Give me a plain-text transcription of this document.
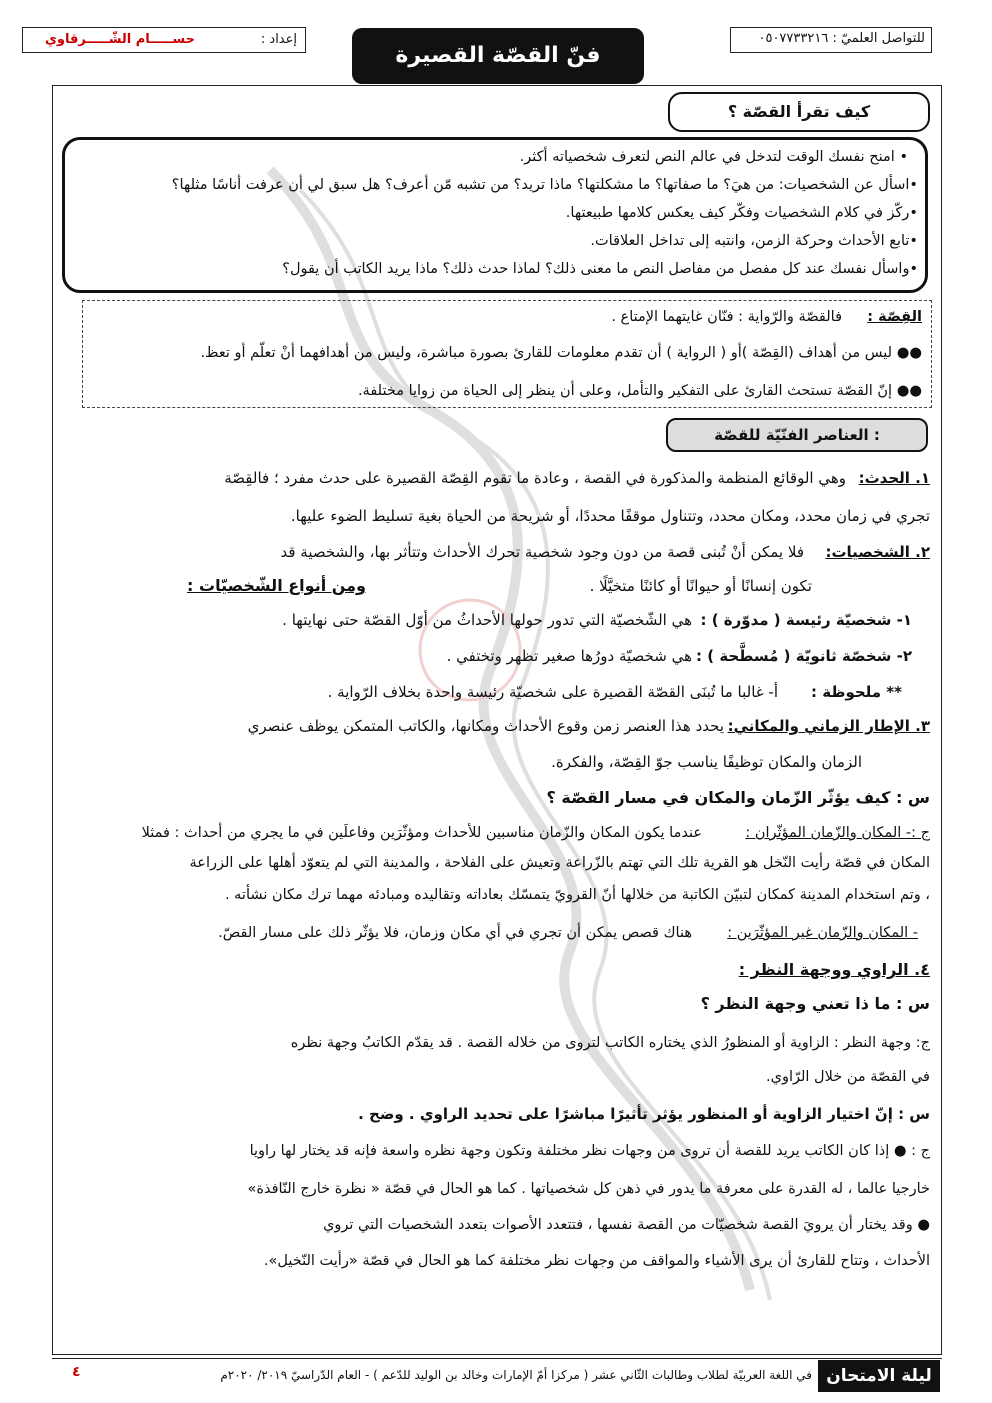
إعداد :
حســـــام الشّـــــرقاوي	للتواصل العلميّ : ٠٥٠٧٧٣٣٢١٦
فنّ القصّة القصيرة
كيف تقرأ القصّة ؟
• امنح نفسك الوقت لتدخل في عالم النص لتعرف شخصياته أكثر.
•اسأل عن الشخصيات: من هيَ؟ ما صفاتها؟ ما مشكلتها؟ ماذا تريد؟ من تشبه مّن أعرف؟ هل سبق لي أن عرفت أناسًا مثلها؟
•ركّز في كلام الشخصيات وفكّر كيف يعكس كلامها طبيعتها.
•تابع الأحداث وحركة الزمن، وانتبه إلى تداخل العلاقات.
•واسأل نفسك عند كل مفصل من مفاصل النص ما معنى ذلك؟ لماذا حدث ذلك؟ ماذا يريد الكاتب أن يقول؟
القِصّة :
فالقصّة والرّواية : فنّان غايتهما الإمتاع .
●● ليس من أهداف (القِصّة )أو ( الرواية ) أن تقدم معلومات للقارئ بصورة مباشرة، وليس من أهدافهما أنْ تعلّم أو تعظ.
●● إنّ القصّة تستحث القارئ على التفكير والتأمل، وعلى أن ينظر إلى الحياة من زوايا مختلفة.
العناصر الفنّيّة للقصّة :
١. الحدث:
وهي الوقائع المنظمة والمذكورة في القصة ، وعادة ما تقوم القِصّة القصيرة على حدث مفرد ؛ فالقِصّة
تجري في زمان محدد، ومكان محدد، وتتناول موقفًا محددًا، أو شريحة من الحياة بغية تسليط الضوء عليها.
٢. الشخصيات:
فلا يمكن أنْ تُبنى قصة من دون وجود شخصية تحرك الأحداث وتتأثر بها، والشخصية قد
تكون إنسانًا أو حيوانًا أو كائنًا متخيَّلًا .
ومن أنواع الشّخصيّات :
١- شخصيّة رئيسة ( مدوّرة ) :
هي الشّخصيّة التي تدور حولها الأحداثُ من أوّل القصّة حتى نهايتها .
٢- شخصّة ثانويّة ( مُسطَّحة ) :
هي شخصيّة دورُها صغير تظهر وتختفي .
** ملحوظة :
أ- غالبا ما تُبنَى القصّة القصيرة على شخصيّة رئيسة واحدة بخلاف الرّواية .
٣. الإطار الزماني والمكاني:
يحدد هذا العنصر زمن وقوع الأحداث ومكانها، والكاتب المتمكن يوظف عنصري
الزمان والمكان توظيفًا يناسب جوّ القِصّة، والفكرة.
س : كيف يؤثّر الزّمان والمكان في مسار القصّة ؟
ج :- المكان والزّمان المؤثّران :
عندما يكون المكان والزّمان مناسبين للأحداث ومؤثّرَين وفاعلَين في ما يجري من أحداث : فمثلا
المكان في قصّة رأيت النّخل هو القرية تلك التي تهتم بالزّراعة وتعيش على الفلاحة ، والمدينة التي لم يتعوّد أهلها على الزراعة
، وتم استخدام المدينة كمكان لتبيّن الكاتبة من خلالها أنّ القرويّ يتمسّك بعاداته وتقاليده ومبادئه مهما ترك مكان نشأته .
- المكان والزّمان غير المؤثّرَين :
هناك قصص يمكن أن تجري في أي مكان وزمان، فلا يؤثّر ذلك على مسار القصّ.
٤. الراوي ووجهة النظر :
س : ما ذا تعني وجهة النظر ؟
ج: وجهة النظر : الزاوية أو المنظورُ الذي يختاره الكاتب لتروى من خلاله القصة . قد يقدّم الكاتبُ وجهة نظره
في القصّة من خلال الرّاوي.
س : إنّ اختيار الزاوية أو المنظور يؤثر تأثيرًا مباشرًا على تحديد الراوي . وضح .
ج : ● إذا كان الكاتب يريد للقصة أن تروى من وجهات نظر مختلفة وتكون وجهة نظره واسعة فإنه قد يختار لها راويا
خارجيا عالما ، له القدرة على معرفة ما يدور في ذهن كل شخصياتها . كما هو الحال في قصّة « نظرة خارج النّافذة»
● وقد يختار أن يرويَ القصة شخصيّات من القصة نفسها ، فتتعدد الأصوات بتعدد الشخصيات التي تروي
الأحداث ، وتتاح للقارئ أن يرى الأشياء والمواقف من وجهات نظر مختلفة كما هو الحال في قصّة «رأيت النّخيل».
ليلة الامتحان
في اللغة العربيّة لطلاب وطالبات الثّاني عشر ( مركزا أمّ الإمارات وخالد بن الوليد للدّعم ) - العام الدّراسيّ ٢٠١٩/ ٢٠٢٠م
٤
